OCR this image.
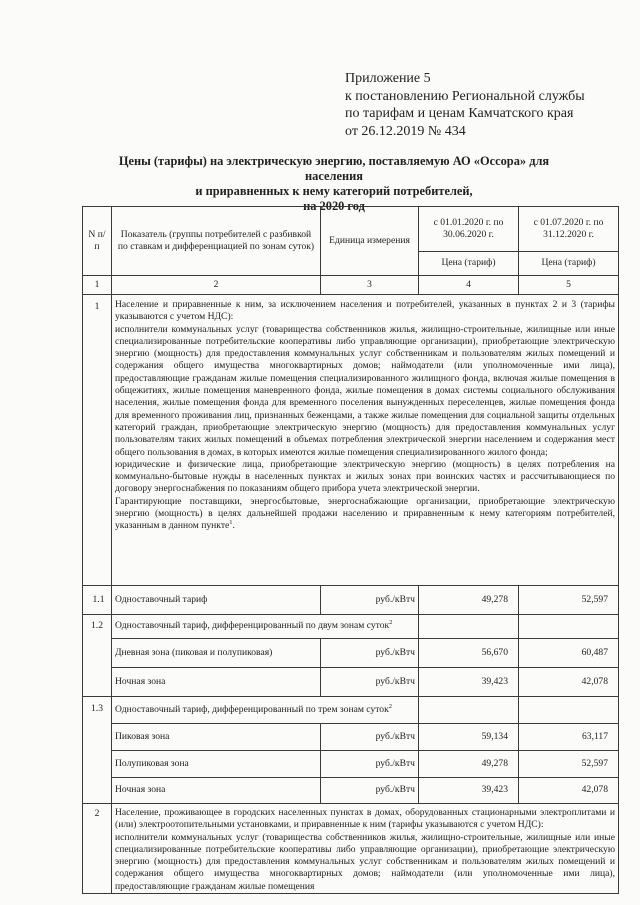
Приложение 5
к постановлению Региональной службы
по тарифам и ценам Камчатского края
от 26.12.2019 № 434
Цены (тарифы) на электрическую энергию, поставляемую АО «Оссора» для населения
и приравненных к нему категорий потребителей,
на 2020 год
N п/п	Показатель (группы потребителей с разбивкой по ставкам и дифференциацией по зонам суток)	Единица измерения	с 01.01.2020 г. по 30.06.2020 г.	с 01.07.2020 г. по 31.12.2020 г.
			Цена (тариф)	Цена (тариф)
1	2	3	4	5
1	Население и приравненные к ним, за исключением населения и потребителей, указанных в пунктах 2 и 3 (тарифы указываются с учетом НДС):

исполнители коммунальных услуг (товарищества собственников жилья, жилищно-строительные, жилищные или иные специализированные потребительские кооперативы либо управляющие организации), приобретающие электрическую энергию (мощность) для предоставления коммунальных услуг собственникам и пользователям жилых помещений и содержания общего имущества многоквартирных домов; наймодатели (или уполномоченные ими лица), предоставляющие гражданам жилые помещения специализированного жилищного фонда, включая жилые помещения в общежитиях, жилые помещения маневренного фонда, жилые помещения в домах системы социального обслуживания населения, жилые помещения фонда для временного поселения вынужденных переселенцев, жилые помещения фонда для временного проживания лиц, признанных беженцами, а также жилые помещения для социальной защиты отдельных категорий граждан, приобретающие электрическую энергию (мощность) для предоставления коммунальных услуг пользователям таких жилых помещений в объемах потребления электрической энергии населением и содержания мест общего пользования в домах, в которых имеются жилые помещения специализированного жилого фонда;

юридические и физические лица, приобретающие электрическую энергию (мощность) в целях потребления на коммунально-бытовые нужды в населенных пунктах и жилых зонах при воинских частях и рассчитывающиеся по договору энергоснабжения по показаниям общего прибора учета электрической энергии.

Гарантирующие поставщики, энергосбытовые, энергоснабжающие организации, приобретающие электрическую энергию (мощность) в целях дальнейшей продажи населению и приравненным к нему категориям потребителей, указанным в данном пункте$^1$.			

1.1	Одноставочный тариф	руб./кВтч	49,278	52,597
1.2	Одноставочный тариф, дифференцированный по двум зонам суток$^2$		
	Дневная зона (пиковая и полупиковая)	руб./кВтч	56,670	60,487
	Ночная зона	руб./кВтч	39,423	42,078
1.3	Одноставочный тариф, дифференцированный по трем зонам суток$^2$		
	Пиковая зона	руб./кВтч	59,134	63,117
	Полупиковая зона	руб./кВтч	49,278	52,597
	Ночная зона	руб./кВтч	39,423	42,078
2	Население, проживающее в городских населенных пунктах в домах, оборудованных стационарными электроплитами и (или) электроотопительными установками, и приравненные к ним (тарифы указываются с учетом НДС):

исполнители коммунальных услуг (товарищества собственников жилья, жилищно-строительные, жилищные или иные специализированные потребительские кооперативы либо управляющие организации), приобретающие электрическую энергию (мощность) для предоставления коммунальных услуг собственникам и пользователям жилых помещений и содержания общего имущества многоквартирных домов; наймодатели (или уполномоченные ими лица), предоставляющие гражданам жилые помещения			
